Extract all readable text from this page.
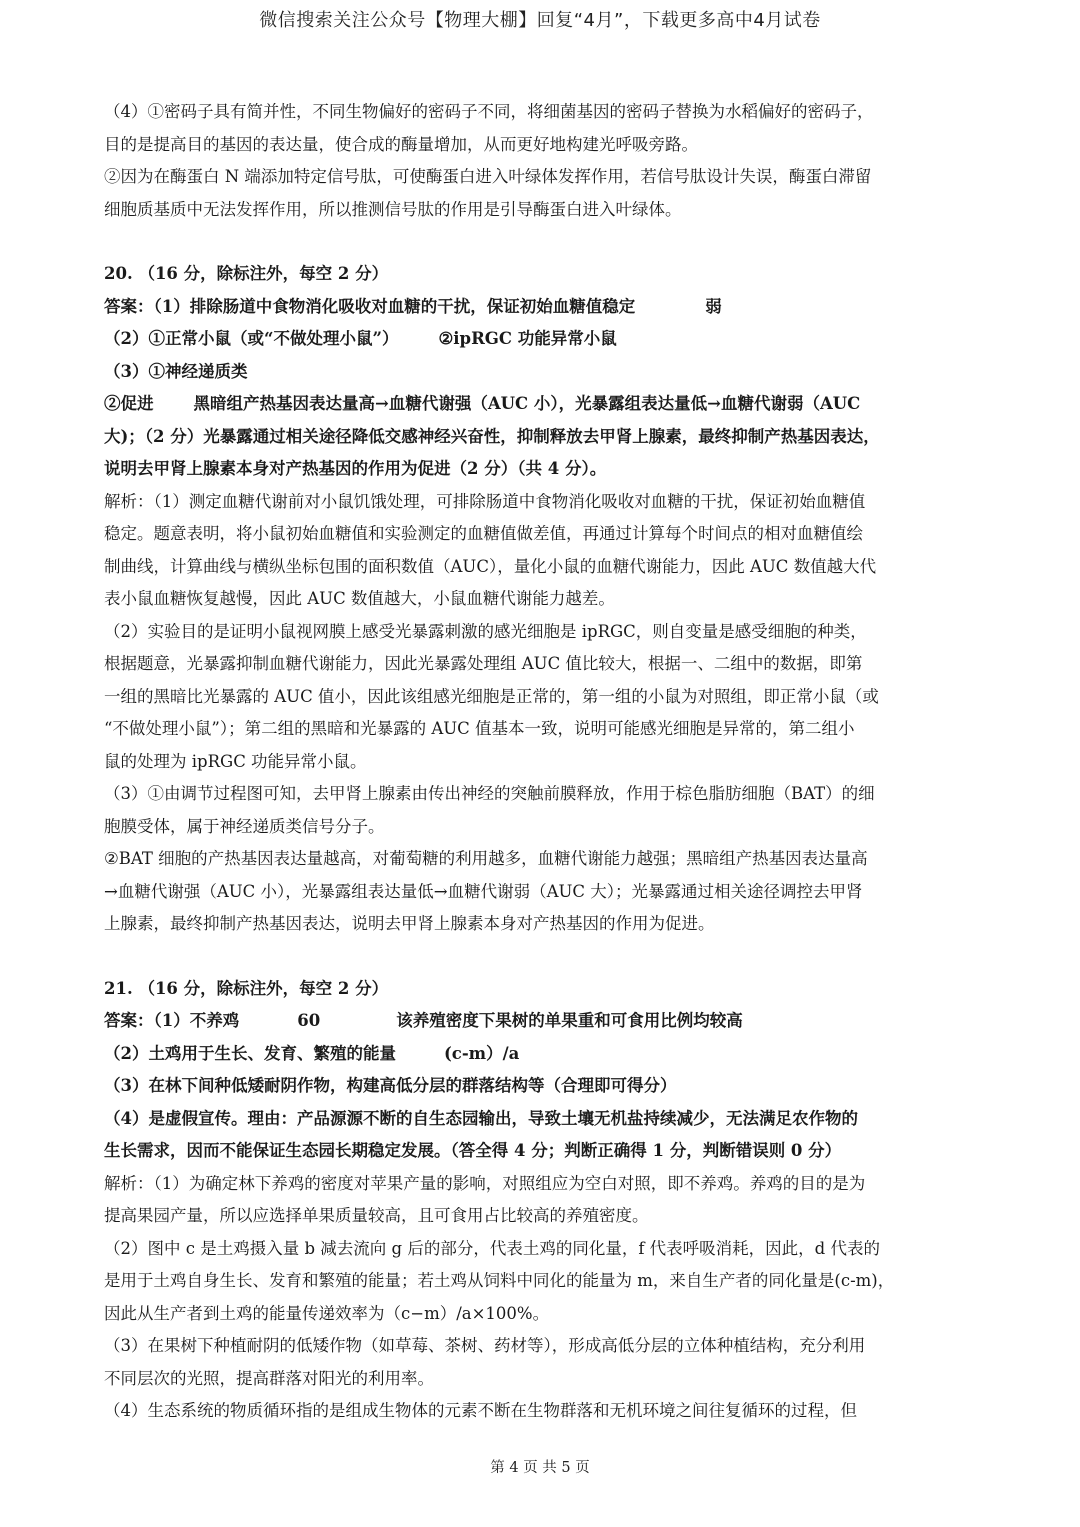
微信搜索关注公众号【物理大棚】回复“4月”，下载更多高中4月试卷

（4）①密码子具有简并性，不同生物偏好的密码子不同，将细菌基因的密码子替换为水稻偏好的密码子，

目的是提高目的基因的表达量，使合成的酶量增加，从而更好地构建光呼吸旁路。

②因为在酶蛋白 N 端添加特定信号肽，可使酶蛋白进入叶绿体发挥作用，若信号肽设计失误，酶蛋白滞留

细胞质基质中无法发挥作用，所以推测信号肽的作用是引导酶蛋白进入叶绿体。

20. （16 分，除标注外，每空 2 分）

答案：（1）排除肠道中食物消化吸收对血糖的干扰，保证初始血糖值稳定	弱

（2）①正常小鼠（或“不做处理小鼠”） ②ipRGC 功能异常小鼠

（3）①神经递质类

②促进 黑暗组产热基因表达量高→血糖代谢强（AUC 小），光暴露组表达量低→血糖代谢弱（AUC

大)；（2 分）光暴露通过相关途径降低交感神经兴奋性，抑制释放去甲肾上腺素，最终抑制产热基因表达，

说明去甲肾上腺素本身对产热基因的作用为促进（2 分）（共 4 分）。

解析：（1）测定血糖代谢前对小鼠饥饿处理，可排除肠道中食物消化吸收对血糖的干扰，保证初始血糖值

稳定。题意表明，将小鼠初始血糖值和实验测定的血糖值做差值，再通过计算每个时间点的相对血糖值绘

制曲线，计算曲线与横纵坐标包围的面积数值（AUC），量化小鼠的血糖代谢能力，因此 AUC 数值越大代

表小鼠血糖恢复越慢，因此 AUC 数值越大，小鼠血糖代谢能力越差。

（2）实验目的是证明小鼠视网膜上感受光暴露刺激的感光细胞是 ipRGC，则自变量是感受细胞的种类，

根据题意，光暴露抑制血糖代谢能力，因此光暴露处理组 AUC 值比较大，根据一、二组中的数据，即第

一组的黑暗比光暴露的 AUC 值小，因此该组感光细胞是正常的，第一组的小鼠为对照组，即正常小鼠（或

“不做处理小鼠”）；第二组的黑暗和光暴露的 AUC 值基本一致，说明可能感光细胞是异常的，第二组小

鼠的处理为 ipRGC 功能异常小鼠。

（3）①由调节过程图可知，去甲肾上腺素由传出神经的突触前膜释放，作用于棕色脂肪细胞（BAT）的细

胞膜受体，属于神经递质类信号分子。

②BAT 细胞的产热基因表达量越高，对葡萄糖的利用越多，血糖代谢能力越强；黑暗组产热基因表达量高

→血糖代谢强（AUC 小），光暴露组表达量低→血糖代谢弱（AUC 大）；光暴露通过相关途径调控去甲肾

上腺素，最终抑制产热基因表达，说明去甲肾上腺素本身对产热基因的作用为促进。

21. （16 分，除标注外，每空 2 分）

答案：（1）不养鸡	60	该养殖密度下果树的单果重和可食用比例均较高

（2）土鸡用于生长、发育、繁殖的能量	(c-m）/a

（3）在林下间种低矮耐阴作物，构建高低分层的群落结构等（合理即可得分）

（4）是虚假宣传。理由：产品源源不断的自生态园输出，导致土壤无机盐持续减少，无法满足农作物的

生长需求，因而不能保证生态园长期稳定发展。（答全得 4 分；判断正确得 1 分，判断错误则 0 分）

解析：（1）为确定林下养鸡的密度对苹果产量的影响，对照组应为空白对照，即不养鸡。养鸡的目的是为

提高果园产量，所以应选择单果质量较高，且可食用占比较高的养殖密度。

（2）图中 c 是土鸡摄入量 b 减去流向 g 后的部分，代表土鸡的同化量，f 代表呼吸消耗，因此，d 代表的

是用于土鸡自身生长、发育和繁殖的能量；若土鸡从饲料中同化的能量为 m，来自生产者的同化量是(c-m)，

因此从生产者到土鸡的能量传递效率为（c−m）/a×100%。

（3）在果树下种植耐阴的低矮作物（如草莓、茶树、药材等），形成高低分层的立体种植结构，充分利用

不同层次的光照，提高群落对阳光的利用率。

（4）生态系统的物质循环指的是组成生物体的元素不断在生物群落和无机环境之间往复循环的过程，但

第 4 页 共 5 页
